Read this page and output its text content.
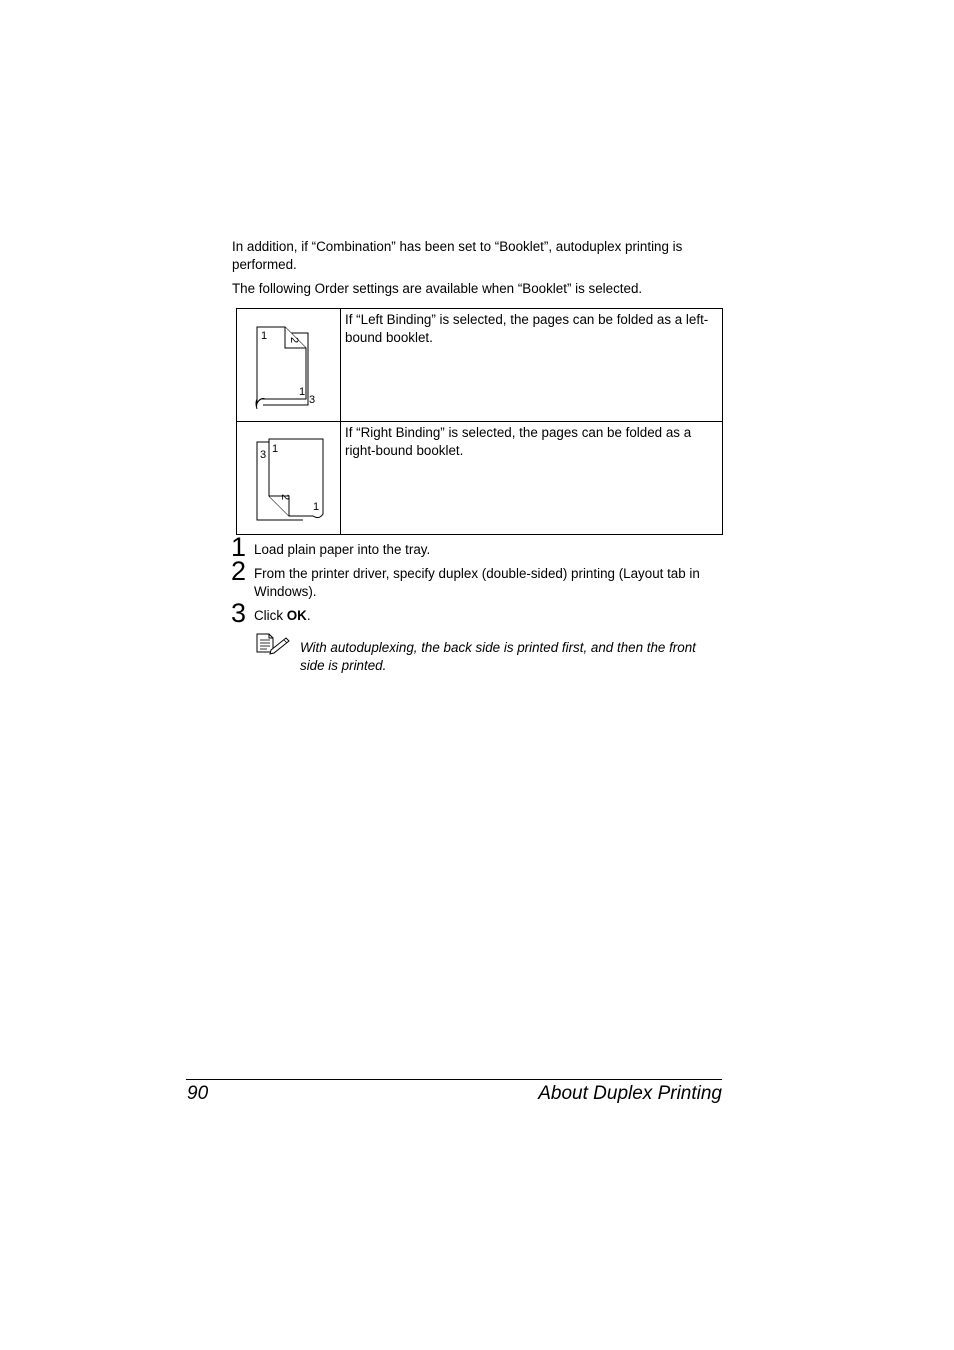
In addition, if “Combination” has been set to “Booklet”, autoduplex printing is performed.

The following Order settings are available when “Booklet” is selected.

1 2
1
3	If “Left Binding” is selected, the pages can be folded as a left-bound booklet.

3 1
2
1	If “Right Binding” is selected, the pages can be folded as a right-bound booklet.
1 Load plain paper into the tray.
2 From the printer driver, specify duplex (double-sided) printing (Layout tab in Windows).
3 Click OK.
With autoduplexing, the back side is printed first, and then the front side is printed.
90	About Duplex Printing
